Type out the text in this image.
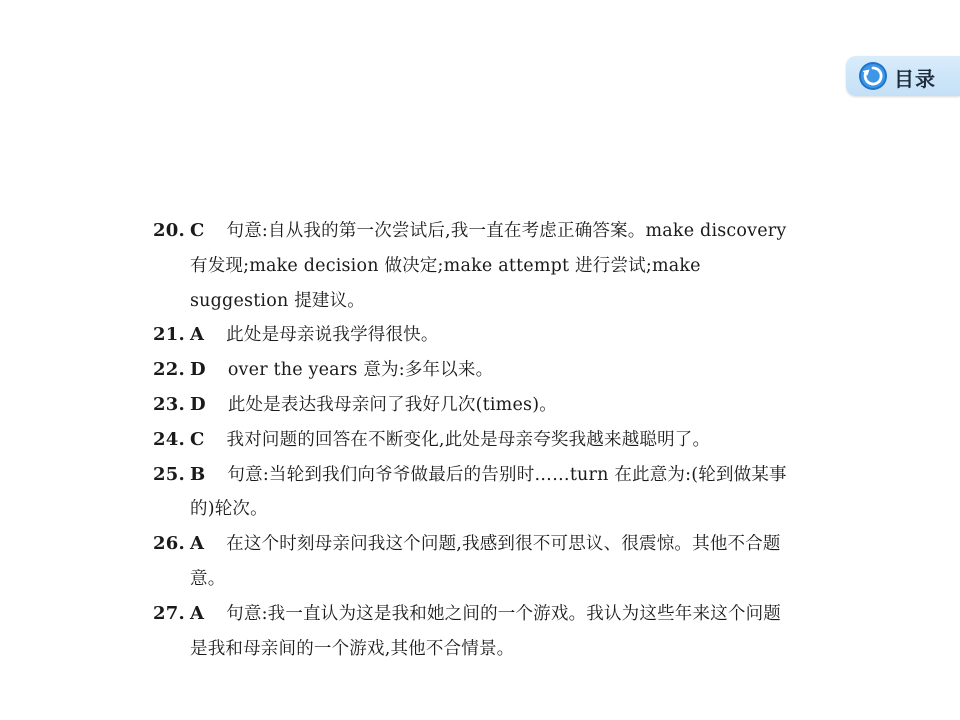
目录
20. C 句意:自从我的第一次尝试后,我一直在考虑正确答案。make discovery 有发现;make decision 做决定;make attempt 进行尝试;make suggestion 提建议。
21. A 此处是母亲说我学得很快。
22. D over the years 意为:多年以来。
23. D 此处是表达我母亲问了我好几次(times)。
24. C 我对问题的回答在不断变化,此处是母亲夸奖我越来越聪明了。
25. B 句意:当轮到我们向爷爷做最后的告别时……turn 在此意为:(轮到做某事的)轮次。
26. A 在这个时刻母亲问我这个问题,我感到很不可思议、很震惊。其他不合题意。
27. A 句意:我一直认为这是我和她之间的一个游戏。我认为这些年来这个问题是我和母亲间的一个游戏,其他不合情景。
